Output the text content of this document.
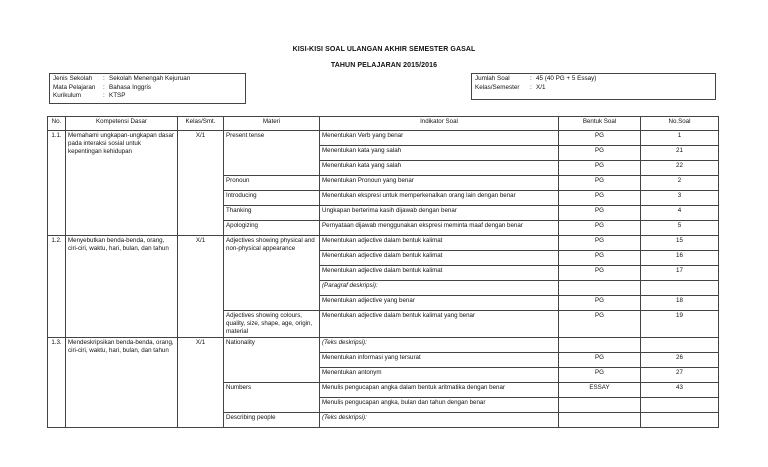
KISI-KISI SOAL ULANGAN AKHIR SEMESTER GASAL
TAHUN PELAJARAN 2015/2016
Jenis Sekolah	: Sekolah Menengah Kejuruan
Mata Pelajaran	: Bahasa Inggris
Kurikulum	: KTSP
Jumlah Soal	: 45 (40 PG + 5 Essay)
Kelas/Semester	: X/1
No.	Kompetensi Dasar	Kelas/Smt.	Materi	Indikator Soal	Bentuk Soal	No.Soal
1.1.	Memahami ungkapan-ungkapan dasar pada interaksi sosial untuk kepentingan kehidupan	X/1	Present tense	Menentukan Verb yang benar	PG	1
				Menentukan kata yang salah	PG	21
				Menentukan kata yang salah	PG	22
			Pronoun	Menentukan Pronoun yang benar	PG	2
			Introducing	Menentukan ekspresi untuk memperkenalkan orang lain dengan benar	PG	3
			Thanking	Ungkapan berterima kasih dijawab dengan benar	PG	4
			Apologizing	Pernyataan dijawab menggunakan ekspresi meminta maaf dengan benar	PG	5
1.2.	Menyebutkan benda-benda, orang, ciri-ciri, waktu, hari, bulan, dan tahun	X/1	Adjectives showing physical and non-physical appearance	Menentukan adjective dalam bentuk kalimat	PG	15
				Menentukan adjective dalam bentuk kalimat	PG	16
				Menentukan adjective dalam bentuk kalimat	PG	17
				(Paragraf deskripsi):		
				Menentukan adjective yang benar	PG	18
			Adjectives showing colours, quality, size, shape, age, origin, material	Menentukan adjective dalam bentuk kalimat yang benar	PG	19
1.3.	Mendeskripsikan benda-benda, orang, ciri-ciri, waktu, hari, bulan, dan tahun	X/1	Nationality	(Teks deskripsi):		
				Menentukan informasi yang tersurat	PG	26
				Menentukan antonym	PG	27
			Numbers	Menulis pengucapan angka dalam bentuk aritmatika dengan benar	ESSAY	43
				Menulis pengucapan angka, bulan dan tahun dengan benar		
			Describing people	(Teks deskripsi):		
